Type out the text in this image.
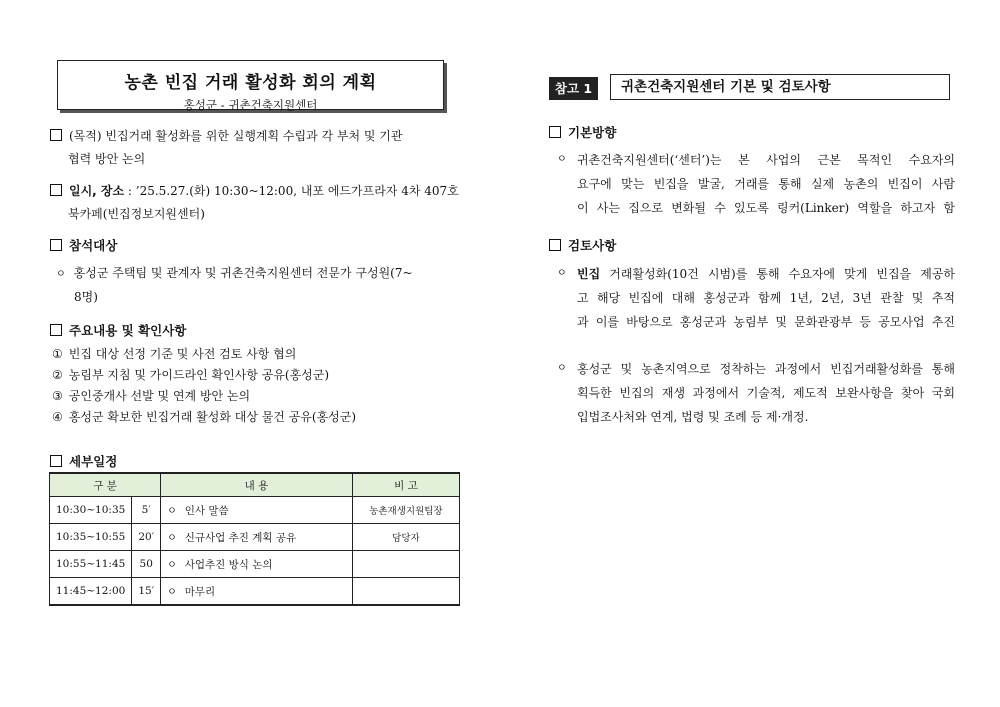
농촌 빈집 거래 활성화 회의 계획
홍성군 - 귀촌건축지원센터
(목적) 빈집거래 활성화를 위한 실행계획 수립과 각 부처 및 기관
협력 방안 논의
일시, 장소 : ’25.5.27.(화) 10:30~12:00, 내포 에드가프라자 4차 407호
북카페(빈집정보지원센터)
참석대상
ㅇ 홍성군 주택팀 및 관계자 및 귀촌건축지원센터 전문가 구성원(7~
8명)
주요내용 및 확인사항
① 빈집 대상 선정 기준 및 사전 검토 사항 협의
② 농림부 지침 및 가이드라인 확인사항 공유(홍성군)
③ 공인중개사 선발 및 연계 방안 논의
④ 홍성군 확보한 빈집거래 활성화 대상 물건 공유(홍성군)
세부일정
구 분		내 용	비 고
10:30~10:35	5′	ㅇ 인사 말씀	농촌재생지원팀장
10:35~10:55	20′	ㅇ 신규사업 추진 계획 공유	담당자
10:55~11:45	50	ㅇ 사업추진 방식 논의	
11:45~12:00	15′	ㅇ 마무리	
참고 1	귀촌건축지원센터 기본 및 검토사항
기본방향
ㅇ 귀촌건축지원센터(‘센터’)는 본 사업의 근본 목적인 수요자의
요구에 맞는 빈집을 발굴, 거래를 통해 실제 농촌의 빈집이 사람
이 사는 집으로 변화될 수 있도록 링커(Linker) 역할을 하고자 함
검토사항
ㅇ 빈집 거래활성화(10건 시범)를 통해 수요자에 맞게 빈집을 제공하
고 해당 빈집에 대해 홍성군과 함께 1년, 2년, 3년 관찰 및 추적
과 이를 바탕으로 홍성군과 농림부 및 문화관광부 등 공모사업 추진
ㅇ 홍성군 및 농촌지역으로 정착하는 과정에서 빈집거래활성화를 통해
획득한 빈집의 재생 과정에서 기술적, 제도적 보완사항을 찾아 국회
입법조사처와 연계, 법령 및 조례 등 제·개정.
